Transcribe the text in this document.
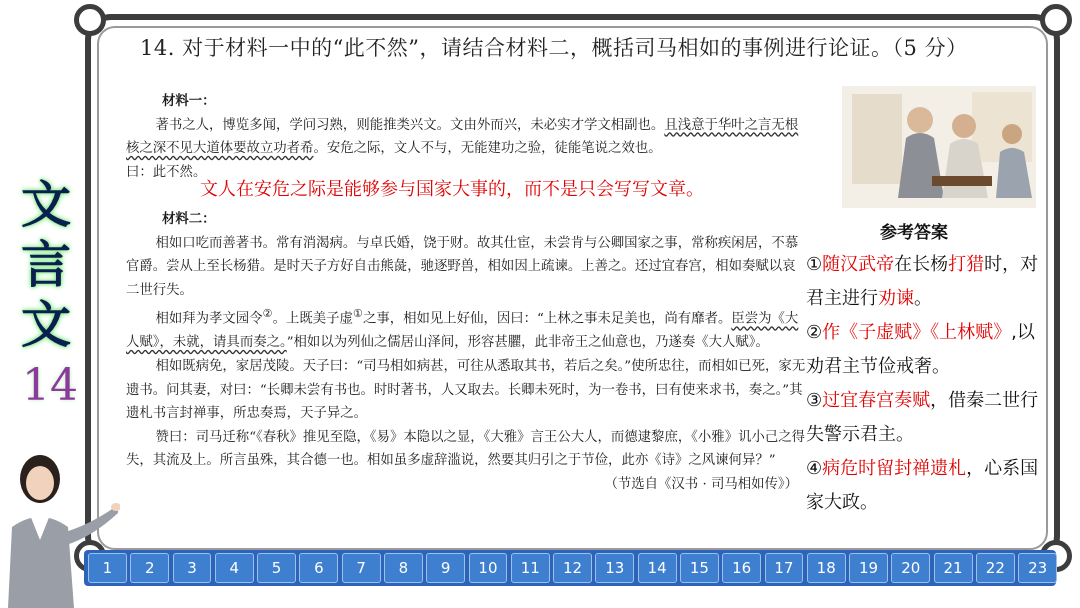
14. 对于材料一中的“此不然”，请结合材料二，概括司马相如的事例进行论证。（5 分）

材料一：

著书之人，博览多闻，学问习熟，则能推类兴文。文由外而兴，未必实才学文相副也。且浅意于华叶之言无根核之深不见大道体要故立功者希。安危之际，文人不与，无能建功之验，徒能笔说之效也。

曰：此不然。

材料二：

相如口吃而善著书。常有消渴病。与卓氏婚，饶于财。故其仕宦，未尝肯与公卿国家之事，常称疾闲居，不慕官爵。尝从上至长杨猎。是时天子方好自击熊彘，驰逐野兽，相如因上疏谏。上善之。还过宜春宫，相如奏赋以哀二世行失。

相如拜为孝文园令②。上既美子虚①之事，相如见上好仙，因曰：“上林之事未足美也，尚有靡者。臣尝为《大人赋》，未就，请具而奏之。”相如以为列仙之儒居山泽间，形容甚臞，此非帝王之仙意也，乃遂奏《大人赋》。

相如既病免，家居茂陵。天子曰：“司马相如病甚，可往从悉取其书，若后之矣。”使所忠往，而相如已死，家无遗书。问其妻，对曰：“长卿未尝有书也。时时著书，人又取去。长卿未死时，为一卷书，曰有使来求书，奏之。”其遗札书言封禅事，所忠奏焉，天子异之。

赞曰：司马迁称“《春秋》推见至隐，《易》本隐以之显，《大雅》言王公大人，而德逮黎庶，《小雅》讥小己之得失，其流及上。所言虽殊，其合德一也。相如虽多虚辞滥说，然要其归引之于节俭，此亦《诗》之风谏何异？”

（节选自《汉书 · 司马相如传》）

文人在安危之际是能够参与国家大事的，而不是只会写写文章。
参考答案

①随汉武帝在长杨打猎时，对君主进行劝谏。

②作《子虚赋》《上林赋》,以劝君主节俭戒奢。

③过宜春宫奏赋，借秦二世行失警示君主。

④病危时留封禅遗札，心系国家大政。

文言文
14
1	2	3	4	5	6	7	8	9	10	11	12	13	14	15	16	17	18	19	20	21	22	23
